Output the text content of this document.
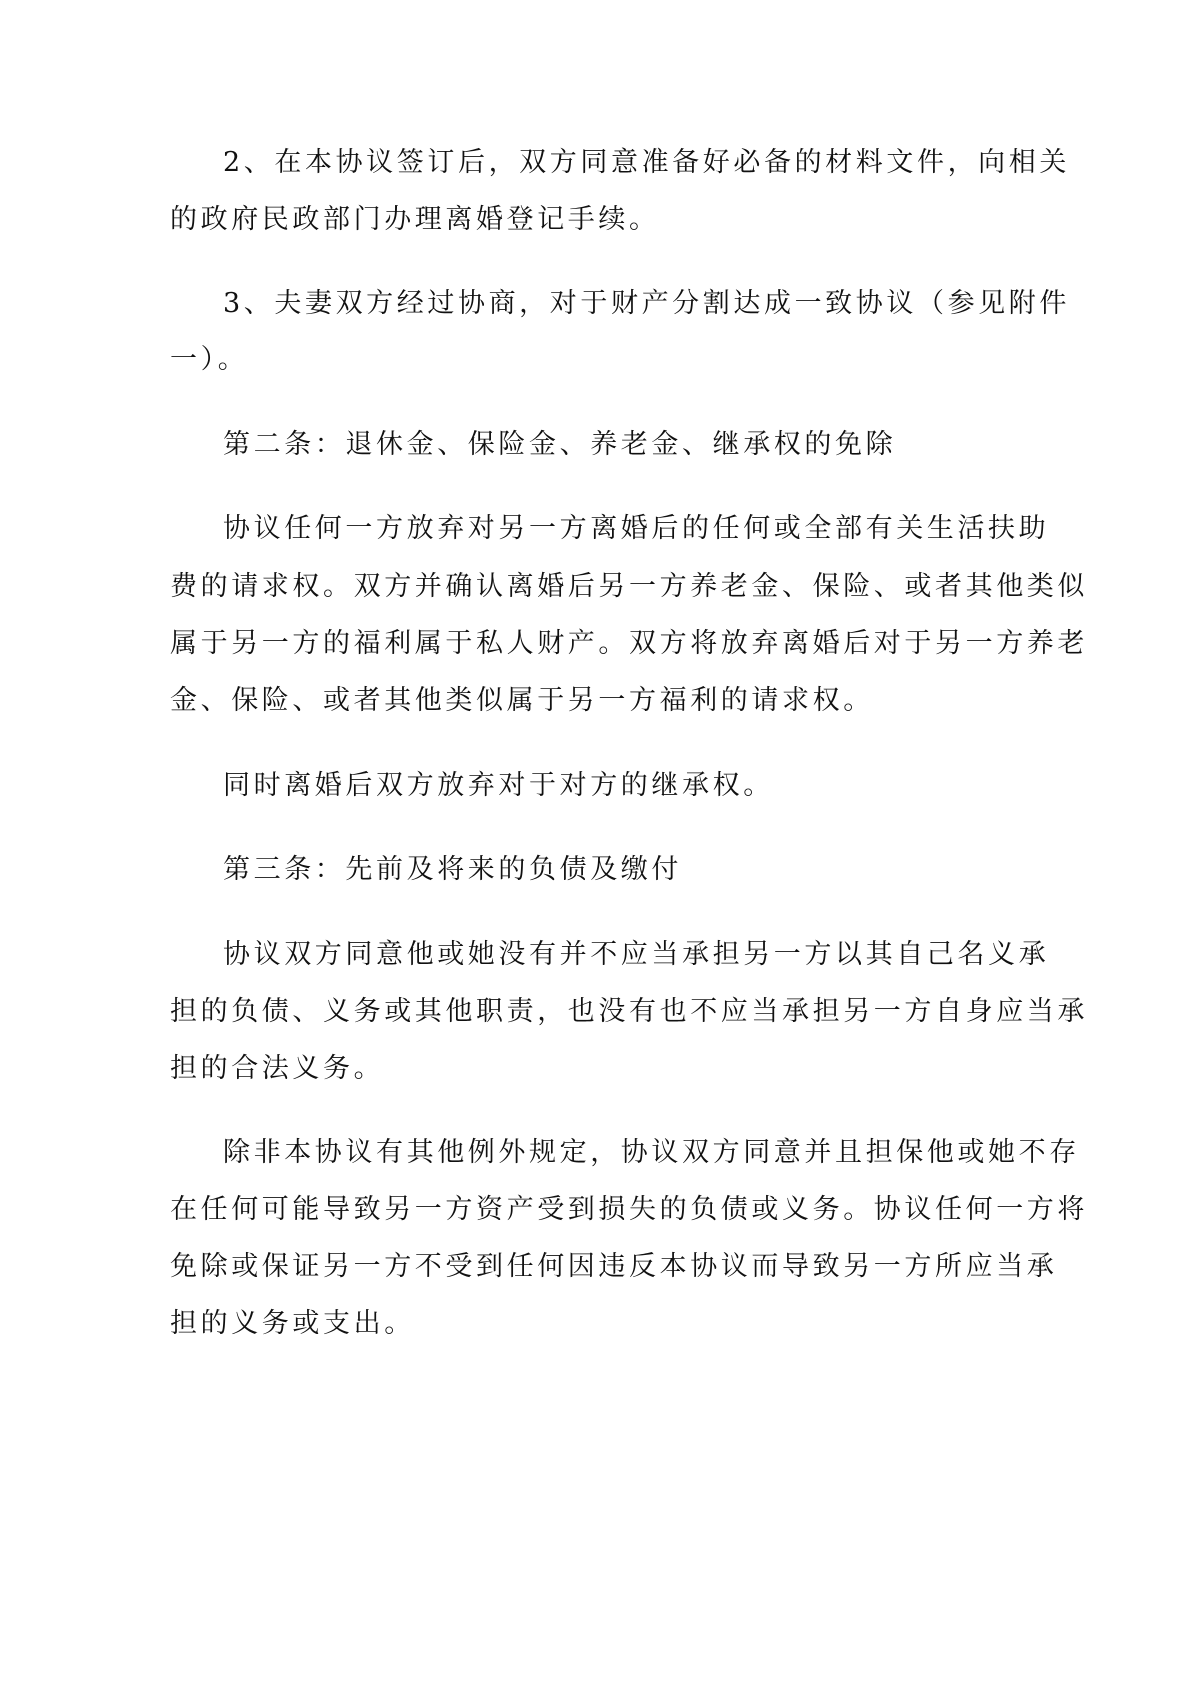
2、在本协议签订后，双方同意准备好必备的材料文件，向相关
的政府民政部门办理离婚登记手续。
3、夫妻双方经过协商，对于财产分割达成一致协议（参见附件
一）。
第二条：退休金、保险金、养老金、继承权的免除
协议任何一方放弃对另一方离婚后的任何或全部有关生活扶助
费的请求权。双方并确认离婚后另一方养老金、保险、或者其他类似
属于另一方的福利属于私人财产。双方将放弃离婚后对于另一方养老
金、保险、或者其他类似属于另一方福利的请求权。
同时离婚后双方放弃对于对方的继承权。
第三条：先前及将来的负债及缴付
协议双方同意他或她没有并不应当承担另一方以其自己名义承
担的负债、义务或其他职责，也没有也不应当承担另一方自身应当承
担的合法义务。
除非本协议有其他例外规定，协议双方同意并且担保他或她不存
在任何可能导致另一方资产受到损失的负债或义务。协议任何一方将
免除或保证另一方不受到任何因违反本协议而导致另一方所应当承
担的义务或支出。
